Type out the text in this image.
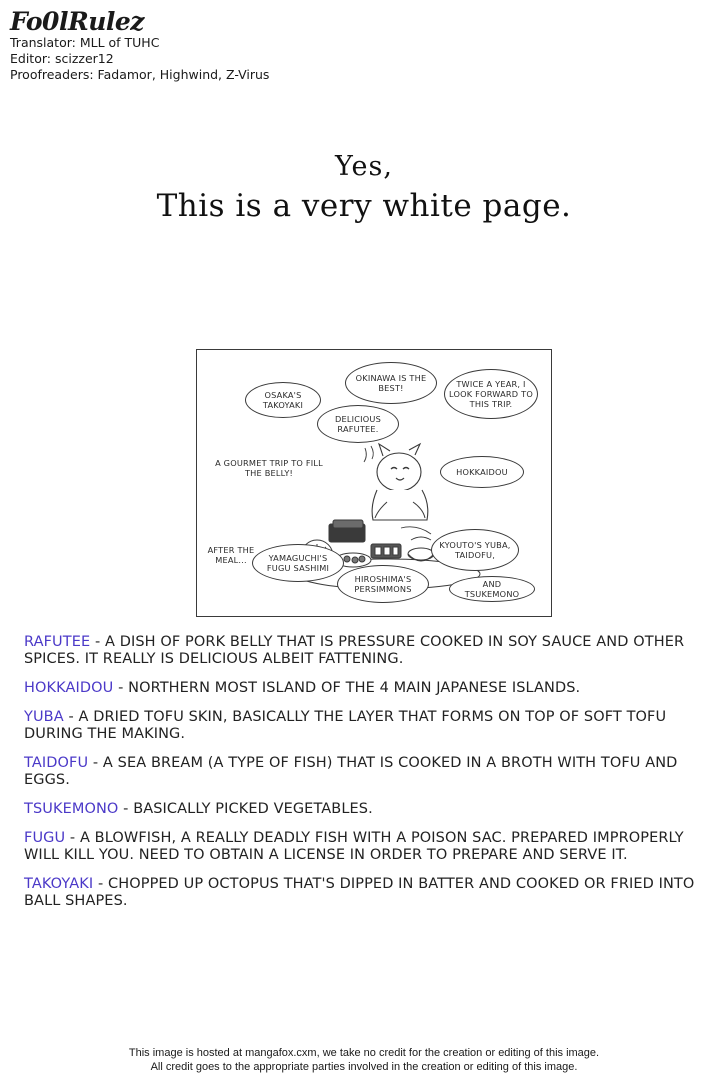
Fo0lRulez
Translator: MLL of TUHC
Editor: scizzer12
Proofreaders: Fadamor, Highwind, Z-Virus
Yes,
This is a very white page.
OSAKA'S TAKOYAKI
OKINAWA IS THE BEST!
DELICIOUS RAFUTEE.
TWICE A YEAR, I LOOK FORWARD TO THIS TRIP.
HOKKAIDOU
KYOUTO'S YUBA, TAIDOFU,
AND TSUKEMONO
HIROSHIMA'S PERSIMMONS
YAMAGUCHI'S FUGU SASHIMI
A GOURMET TRIP TO FILL THE BELLY!
AFTER THE MEAL...
RAFUTEE - A DISH OF PORK BELLY THAT IS PRESSURE COOKED IN SOY SAUCE AND OTHER SPICES. IT REALLY IS DELICIOUS ALBEIT FATTENING.
HOKKAIDOU - NORTHERN MOST ISLAND OF THE 4 MAIN JAPANESE ISLANDS.
YUBA - A DRIED TOFU SKIN, BASICALLY THE LAYER THAT FORMS ON TOP OF SOFT TOFU DURING THE MAKING.
TAIDOFU - A SEA BREAM (A TYPE OF FISH) THAT IS COOKED IN A BROTH WITH TOFU AND EGGS.
TSUKEMONO - BASICALLY PICKED VEGETABLES.
FUGU - A BLOWFISH, A REALLY DEADLY FISH WITH A POISON SAC. PREPARED IMPROPERLY WILL KILL YOU. NEED TO OBTAIN A LICENSE IN ORDER TO PREPARE AND SERVE IT.
TAKOYAKI - CHOPPED UP OCTOPUS THAT'S DIPPED IN BATTER AND COOKED OR FRIED INTO BALL SHAPES.
This image is hosted at mangafox.cxm, we take no credit for the creation or editing of this image.
All credit goes to the appropriate parties involved in the creation or editing of this image.
